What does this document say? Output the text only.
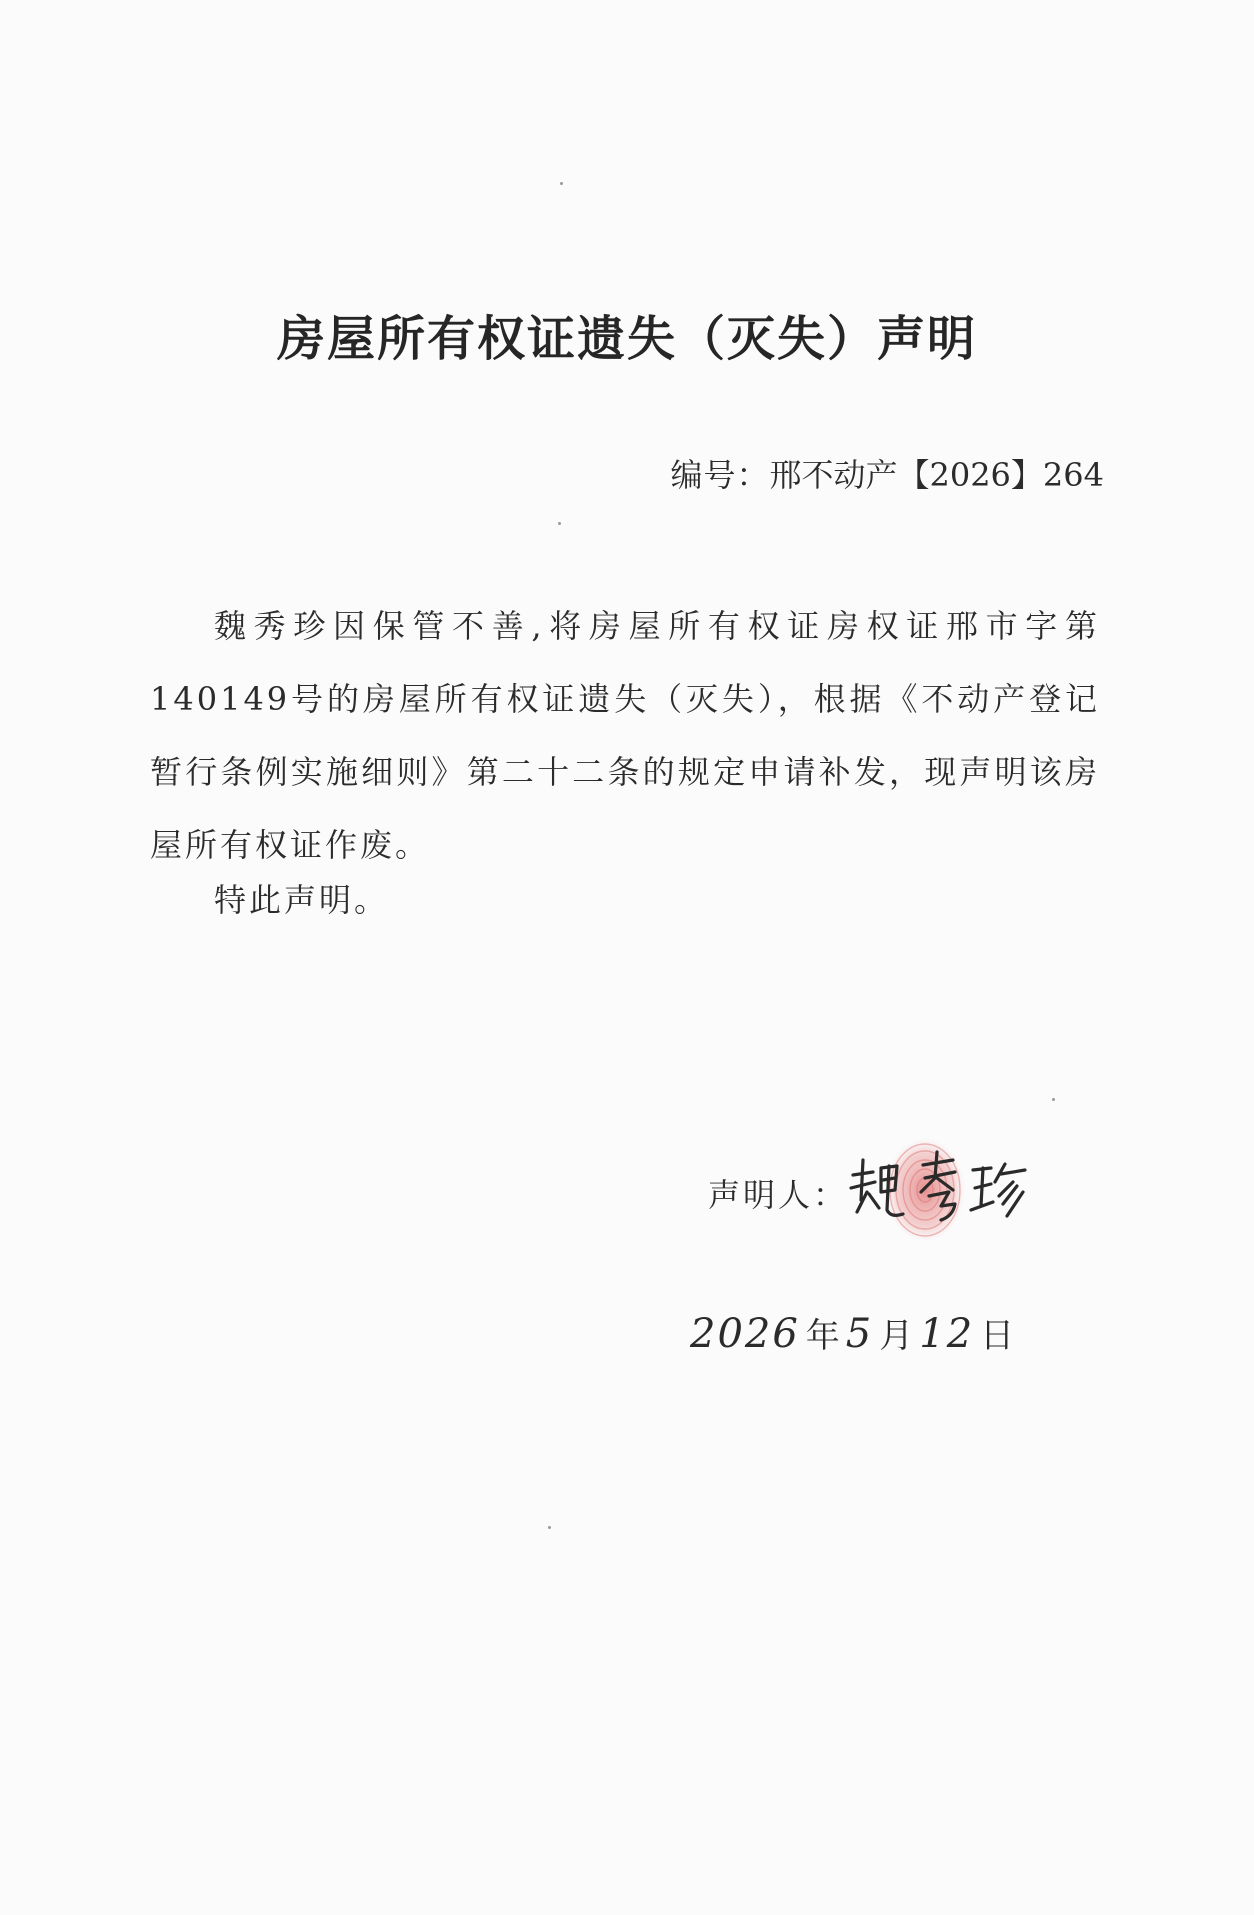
房屋所有权证遗失（灭失）声明
编号：邢不动产【2026】264
魏秀珍因保管不善,将房屋所有权证房权证邢市字第140149号的房屋所有权证遗失（灭失），根据《不动产登记暂行条例实施细则》第二十二条的规定申请补发，现声明该房屋所有权证作废。
特此声明。
声明人：
2026 年 5 月 12 日
